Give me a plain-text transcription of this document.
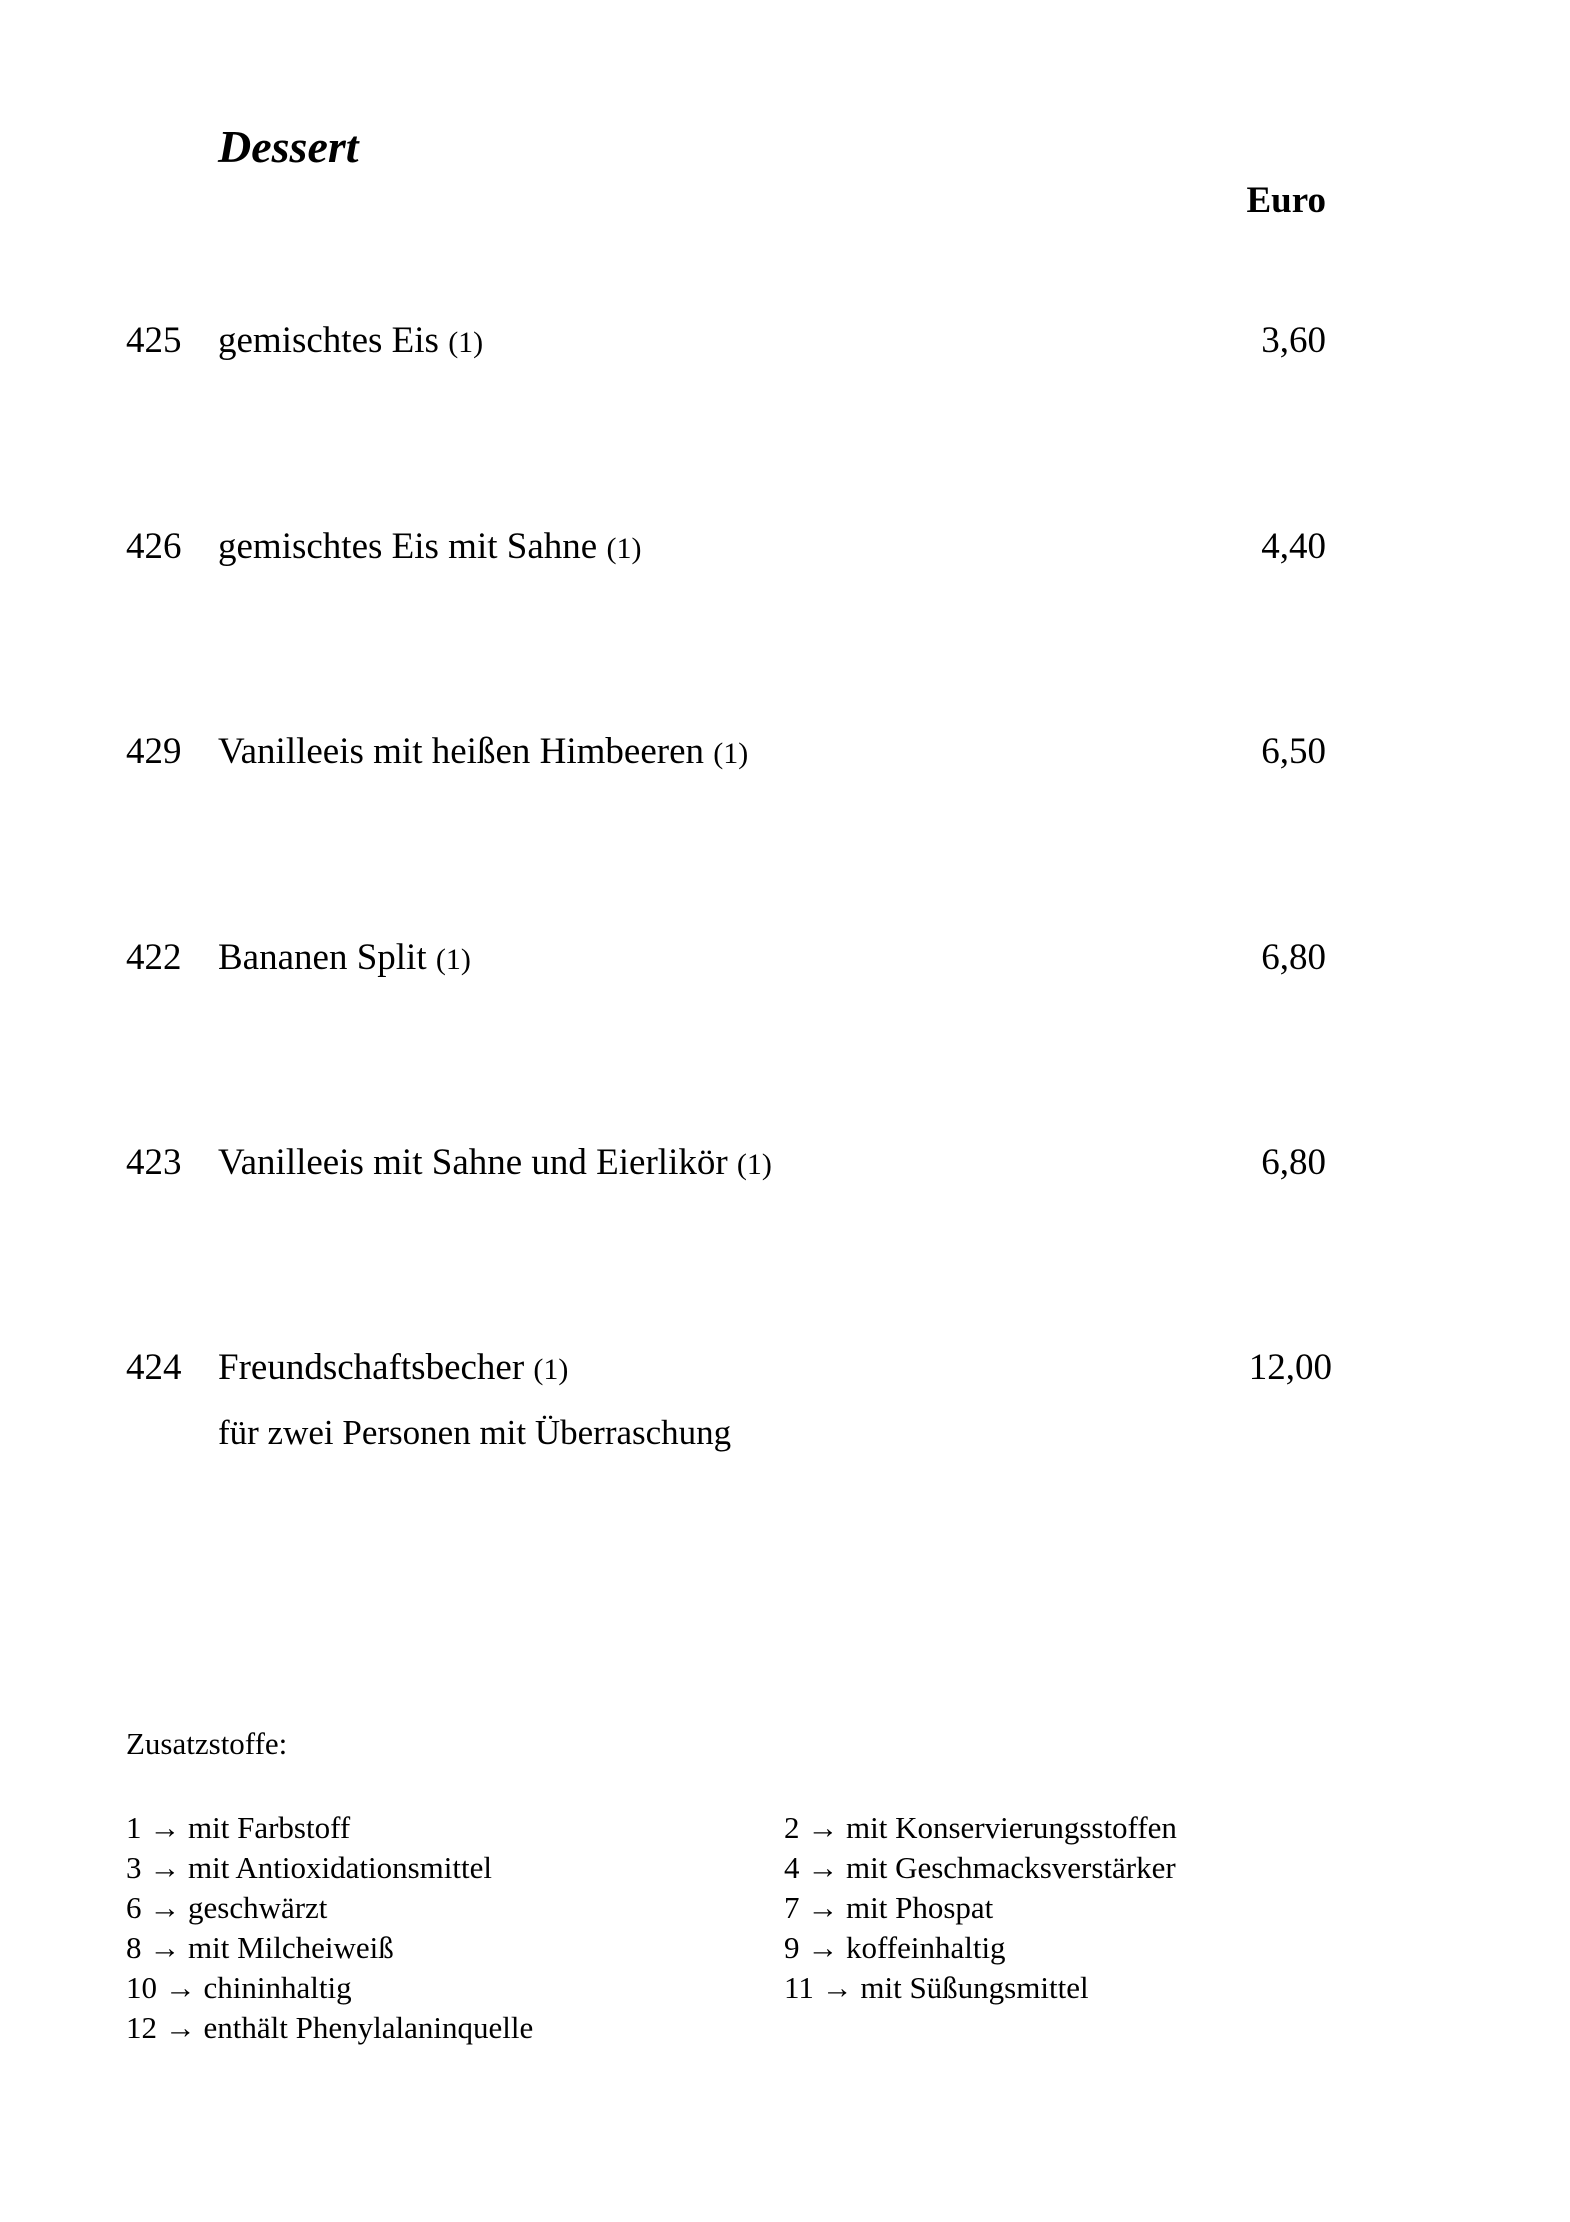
Dessert
Euro
425 gemischtes Eis (1)	3,60
426 gemischtes Eis mit Sahne (1)	4,40
429 Vanilleeis mit heißen Himbeeren (1)	6,50
422 Bananen Split (1)	6,80
423 Vanilleeis mit Sahne und Eierlikör (1)	6,80
424 Freundschaftsbecher (1)	12,00
für zwei Personen mit Überraschung
Zusatzstoffe:
1 → mit Farbstoff
3 → mit Antioxidationsmittel
6 → geschwärzt
8 → mit Milcheiweiß
10 → chininhaltig
12 → enthält Phenylalaninquelle
2 → mit Konservierungsstoffen
4 → mit Geschmacksverstärker
7 → mit Phospat
9 → koffeinhaltig
11 → mit Süßungsmittel
